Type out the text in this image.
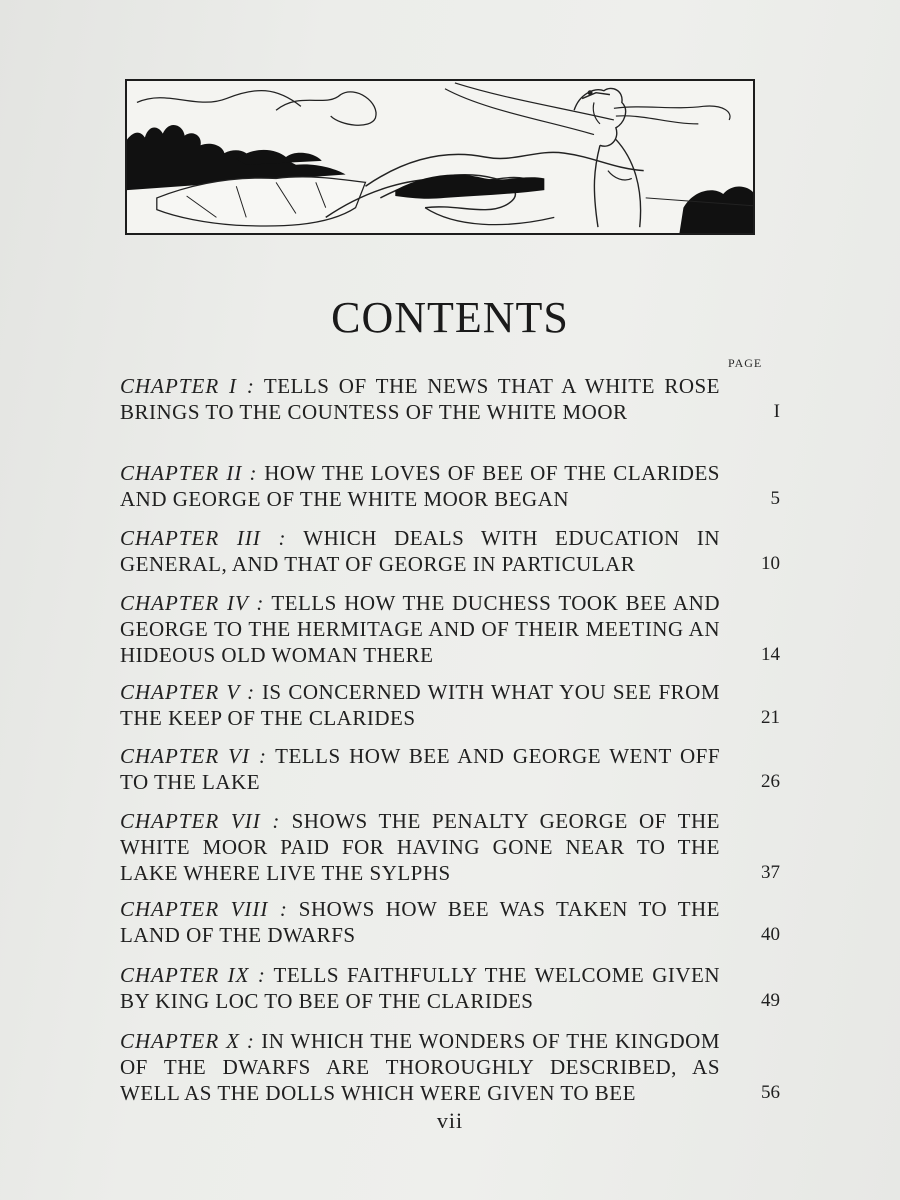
CONTENTS
PAGE
CHAPTER I : TELLS OF THE NEWS THAT A WHITE ROSE BRINGS TO THE COUNTESS OF THE WHITE MOOR	I
CHAPTER II : HOW THE LOVES OF BEE OF THE CLARIDES AND GEORGE OF THE WHITE MOOR BEGAN	5
CHAPTER III : WHICH DEALS WITH EDUCATION IN GENERAL, AND THAT OF GEORGE IN PARTICULAR	10
CHAPTER IV : TELLS HOW THE DUCHESS TOOK BEE AND GEORGE TO THE HERMITAGE AND OF THEIR MEETING AN HIDEOUS OLD WOMAN THERE	14
CHAPTER V : IS CONCERNED WITH WHAT YOU SEE FROM THE KEEP OF THE CLARIDES	21
CHAPTER VI : TELLS HOW BEE AND GEORGE WENT OFF TO THE LAKE	26
CHAPTER VII : SHOWS THE PENALTY GEORGE OF THE WHITE MOOR PAID FOR HAVING GONE NEAR TO THE LAKE WHERE LIVE THE SYLPHS	37
CHAPTER VIII : SHOWS HOW BEE WAS TAKEN TO THE LAND OF THE DWARFS	40
CHAPTER IX : TELLS FAITHFULLY THE WELCOME GIVEN BY KING LOC TO BEE OF THE CLARIDES	49
CHAPTER X : IN WHICH THE WONDERS OF THE KINGDOM OF THE DWARFS ARE THOROUGHLY DESCRIBED, AS WELL AS THE DOLLS WHICH WERE GIVEN TO BEE	56
vii
